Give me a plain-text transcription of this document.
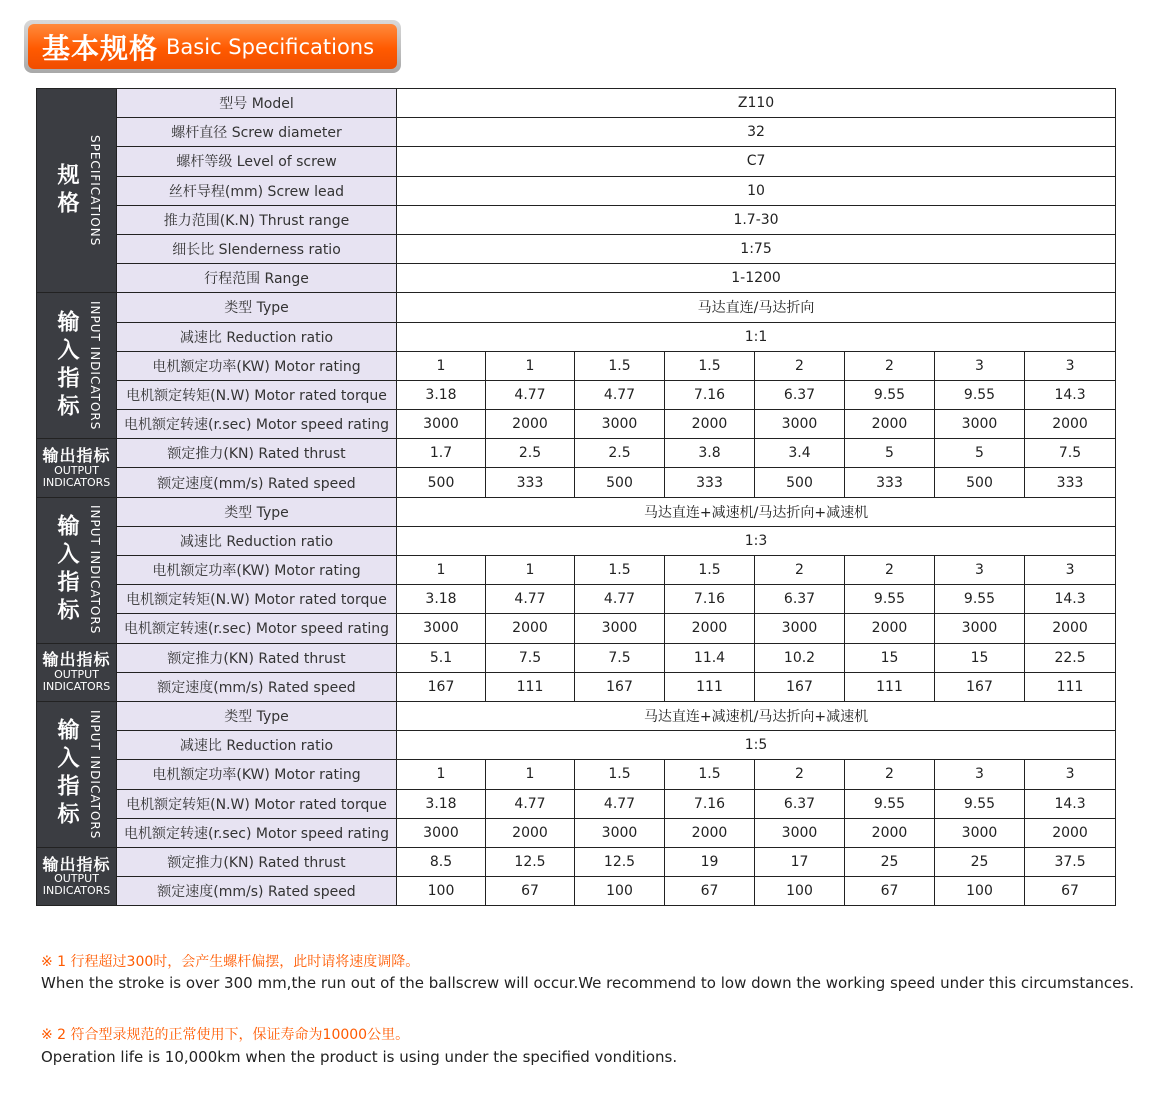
基本规格 Basic Specifications
规格 SPECIFICATIONS	型号 Model	Z110							
	螺杆直径 Screw diameter	32							
	螺杆等级 Level of screw	C7							
	丝杆导程(mm) Screw lead	10							
	推力范围(K.N) Thrust range	1.7-30							
	细长比 Slenderness ratio	1:75							
	行程范围 Range	1-1200							

输入指标 INPUT INDICATORS	类型 Type	马达直连/马达折向							
	减速比 Reduction ratio	1:1							
	电机额定功率(KW) Motor rating	1	1	1.5	1.5	2	2	3	3
	电机额定转矩(N.W) Motor rated torque	3.18	4.77	4.77	7.16	6.37	9.55	9.55	14.3
	电机额定转速(r.sec) Motor speed rating	3000	2000	3000	2000	3000	2000	3000	2000

输出指标
OUTPUT
INDICATORS	额定推力(KN) Rated thrust	1.7	2.5	2.5	3.8	3.4	5	5	7.5
	额定速度(mm/s) Rated speed	500	333	500	333	500	333	500	333

输入指标 INPUT INDICATORS	类型 Type	马达直连+减速机/马达折向+减速机							
	减速比 Reduction ratio	1:3							
	电机额定功率(KW) Motor rating	1	1	1.5	1.5	2	2	3	3
	电机额定转矩(N.W) Motor rated torque	3.18	4.77	4.77	7.16	6.37	9.55	9.55	14.3
	电机额定转速(r.sec) Motor speed rating	3000	2000	3000	2000	3000	2000	3000	2000

输出指标
OUTPUT
INDICATORS	额定推力(KN) Rated thrust	5.1	7.5	7.5	11.4	10.2	15	15	22.5
	额定速度(mm/s) Rated speed	167	111	167	111	167	111	167	111

输入指标 INPUT INDICATORS	类型 Type	马达直连+减速机/马达折向+减速机							
	减速比 Reduction ratio	1:5							
	电机额定功率(KW) Motor rating	1	1	1.5	1.5	2	2	3	3
	电机额定转矩(N.W) Motor rated torque	3.18	4.77	4.77	7.16	6.37	9.55	9.55	14.3
	电机额定转速(r.sec) Motor speed rating	3000	2000	3000	2000	3000	2000	3000	2000

输出指标
OUTPUT
INDICATORS	额定推力(KN) Rated thrust	8.5	12.5	12.5	19	17	25	25	37.5
	额定速度(mm/s) Rated speed	100	67	100	67	100	67	100	67
※ 1 行程超过300时，会产生螺杆偏摆，此时请将速度调降。
When the stroke is over 300 mm,the run out of the ballscrew will occur.We recommend to low down the working speed under this circumstances.
※ 2 符合型录规范的正常使用下，保证寿命为10000公里。
Operation life is 10,000km when the product is using under the specified vonditions.
